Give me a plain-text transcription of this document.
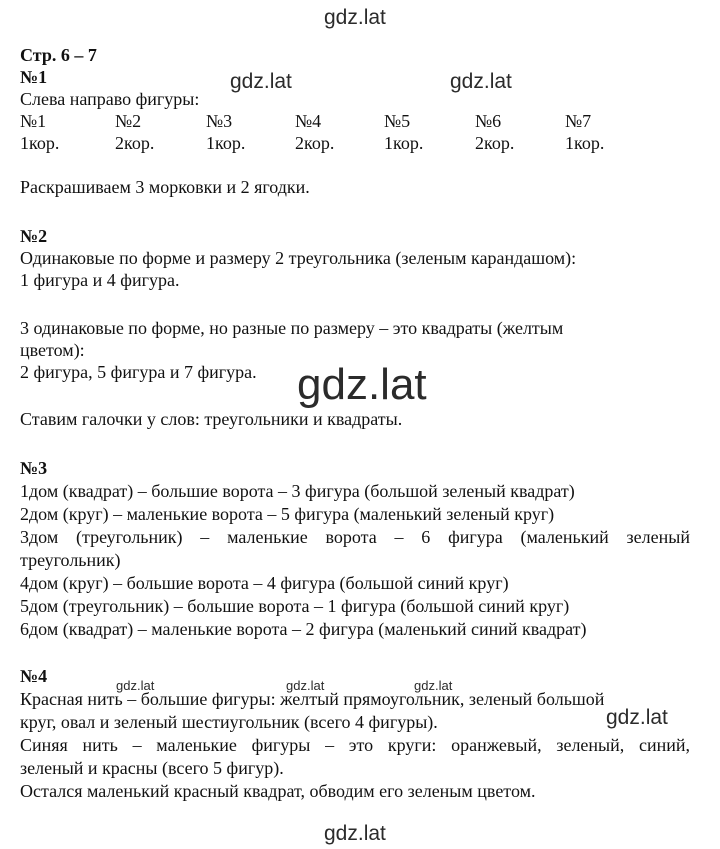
Стр. 6 – 7
№1
Слева направо фигуры:
№1	№2	№3	№4	№5	№6	№7
1кор.	2кор.	1кор.	2кор.	1кор.	2кор.	1кор.
Раскрашиваем 3 морковки и 2 ягодки.
№2
Одинаковые по форме и размеру 2 треугольника (зеленым карандашом):
1 фигура и 4 фигура.
3 одинаковые по форме, но разные по размеру – это квадраты (желтым
цветом):
2 фигура, 5 фигура и 7 фигура.
Ставим галочки у слов: треугольники и квадраты.
№3
1дом (квадрат) – большие ворота – 3 фигура (большой зеленый квадрат)
2дом (круг) – маленькие ворота – 5 фигура (маленький зеленый круг)
3дом (треугольник) – маленькие ворота – 6 фигура (маленький зеленый
треугольник)
4дом (круг) – большие ворота – 4 фигура (большой синий круг)
5дом (треугольник) – большие ворота – 1 фигура (большой синий круг)
6дом (квадрат) – маленькие ворота – 2 фигура (маленький синий квадрат)
№4
Красная нить – большие фигуры: желтый прямоугольник, зеленый большой
круг, овал и зеленый шестиугольник (всего 4 фигуры).
Синяя нить – маленькие фигуры – это круги: оранжевый, зеленый, синий,
зеленый и красны (всего 5 фигур).
Остался маленький красный квадрат, обводим его зеленым цветом.
gdz.lat
gdz.lat	gdz.lat
gdz.lat
gdz.lat	gdz.lat	gdz.lat
gdz.lat
gdz.lat
